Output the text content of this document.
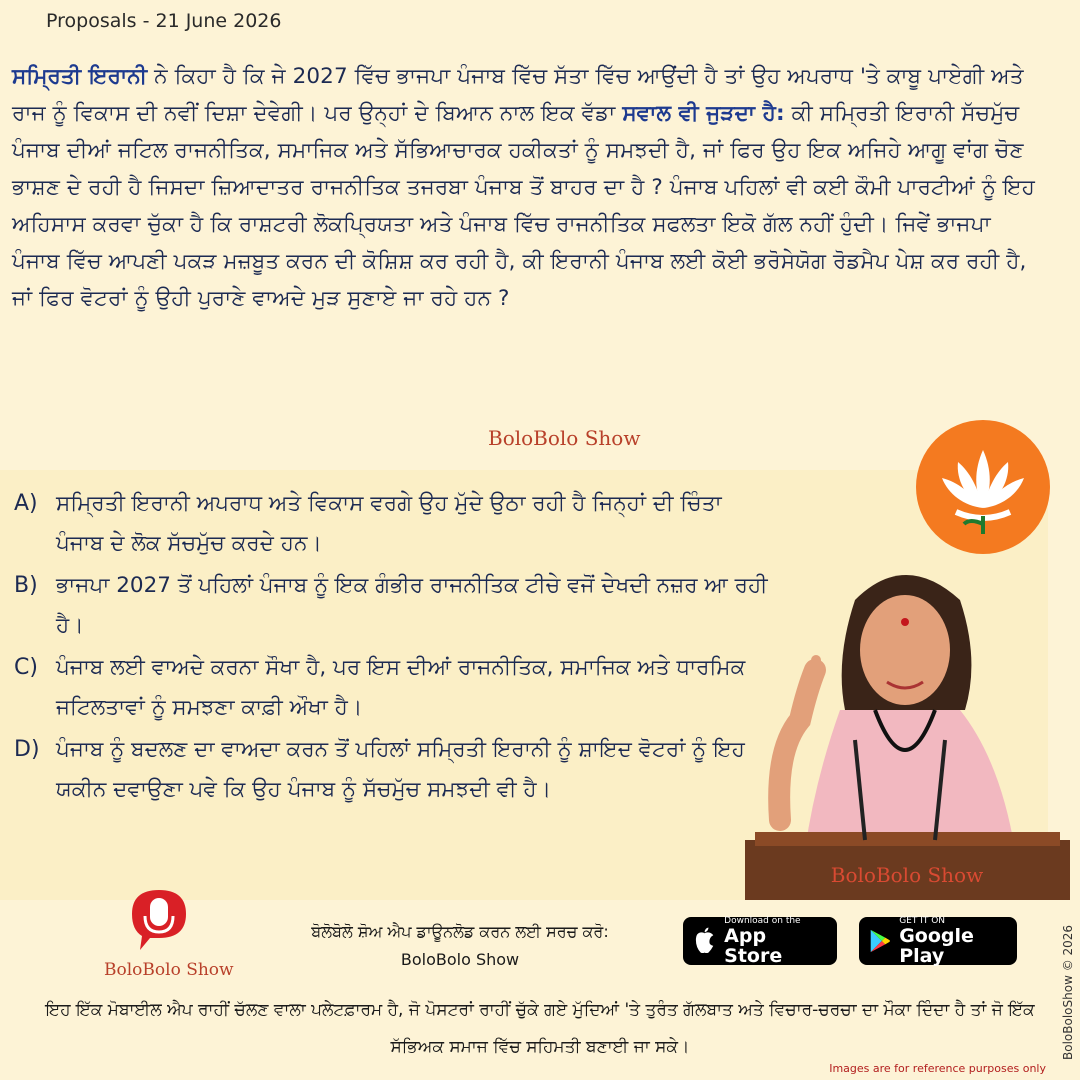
Proposals - 21 June 2026
ਸਮ੍ਰਿਤੀ ਇਰਾਨੀ ਨੇ ਕਿਹਾ ਹੈ ਕਿ ਜੇ 2027 ਵਿੱਚ ਭਾਜਪਾ ਪੰਜਾਬ ਵਿੱਚ ਸੱਤਾ ਵਿੱਚ ਆਉਂਦੀ ਹੈ ਤਾਂ ਉਹ ਅਪਰਾਧ 'ਤੇ ਕਾਬੂ ਪਾਏਗੀ ਅਤੇ ਰਾਜ ਨੂੰ ਵਿਕਾਸ ਦੀ ਨਵੀਂ ਦਿਸ਼ਾ ਦੇਵੇਗੀ। ਪਰ ਉਨ੍ਹਾਂ ਦੇ ਬਿਆਨ ਨਾਲ ਇਕ ਵੱਡਾ ਸਵਾਲ ਵੀ ਜੁੜਦਾ ਹੈ: ਕੀ ਸਮ੍ਰਿਤੀ ਇਰਾਨੀ ਸੱਚਮੁੱਚ ਪੰਜਾਬ ਦੀਆਂ ਜਟਿਲ ਰਾਜਨੀਤਿਕ, ਸਮਾਜਿਕ ਅਤੇ ਸੱਭਿਆਚਾਰਕ ਹਕੀਕਤਾਂ ਨੂੰ ਸਮਝਦੀ ਹੈ, ਜਾਂ ਫਿਰ ਉਹ ਇਕ ਅਜਿਹੇ ਆਗੂ ਵਾਂਗ ਚੋਣ ਭਾਸ਼ਣ ਦੇ ਰਹੀ ਹੈ ਜਿਸਦਾ ਜ਼ਿਆਦਾਤਰ ਰਾਜਨੀਤਿਕ ਤਜਰਬਾ ਪੰਜਾਬ ਤੋਂ ਬਾਹਰ ਦਾ ਹੈ ? ਪੰਜਾਬ ਪਹਿਲਾਂ ਵੀ ਕਈ ਕੌਮੀ ਪਾਰਟੀਆਂ ਨੂੰ ਇਹ ਅਹਿਸਾਸ ਕਰਵਾ ਚੁੱਕਾ ਹੈ ਕਿ ਰਾਸ਼ਟਰੀ ਲੋਕਪ੍ਰਿਯਤਾ ਅਤੇ ਪੰਜਾਬ ਵਿੱਚ ਰਾਜਨੀਤਿਕ ਸਫਲਤਾ ਇਕੋ ਗੱਲ ਨਹੀਂ ਹੁੰਦੀ। ਜਿਵੇਂ ਭਾਜਪਾ ਪੰਜਾਬ ਵਿੱਚ ਆਪਣੀ ਪਕੜ ਮਜ਼ਬੂਤ ਕਰਨ ਦੀ ਕੋਸ਼ਿਸ਼ ਕਰ ਰਹੀ ਹੈ, ਕੀ ਇਰਾਨੀ ਪੰਜਾਬ ਲਈ ਕੋਈ ਭਰੋਸੇਯੋਗ ਰੋਡਮੈਪ ਪੇਸ਼ ਕਰ ਰਹੀ ਹੈ, ਜਾਂ ਫਿਰ ਵੋਟਰਾਂ ਨੂੰ ਉਹੀ ਪੁਰਾਣੇ ਵਾਅਦੇ ਮੁੜ ਸੁਣਾਏ ਜਾ ਰਹੇ ਹਨ ?
BoloBolo Show
A) ਸਮ੍ਰਿਤੀ ਇਰਾਨੀ ਅਪਰਾਧ ਅਤੇ ਵਿਕਾਸ ਵਰਗੇ ਉਹ ਮੁੱਦੇ ਉਠਾ ਰਹੀ ਹੈ ਜਿਨ੍ਹਾਂ ਦੀ ਚਿੰਤਾ ਪੰਜਾਬ ਦੇ ਲੋਕ ਸੱਚਮੁੱਚ ਕਰਦੇ ਹਨ।
B) ਭਾਜਪਾ 2027 ਤੋਂ ਪਹਿਲਾਂ ਪੰਜਾਬ ਨੂੰ ਇਕ ਗੰਭੀਰ ਰਾਜਨੀਤਿਕ ਟੀਚੇ ਵਜੋਂ ਦੇਖਦੀ ਨਜ਼ਰ ਆ ਰਹੀ ਹੈ।
C) ਪੰਜਾਬ ਲਈ ਵਾਅਦੇ ਕਰਨਾ ਸੌਖਾ ਹੈ, ਪਰ ਇਸ ਦੀਆਂ ਰਾਜਨੀਤਿਕ, ਸਮਾਜਿਕ ਅਤੇ ਧਾਰਮਿਕ ਜਟਿਲਤਾਵਾਂ ਨੂੰ ਸਮਝਣਾ ਕਾਫ਼ੀ ਔਖਾ ਹੈ।
D) ਪੰਜਾਬ ਨੂੰ ਬਦਲਣ ਦਾ ਵਾਅਦਾ ਕਰਨ ਤੋਂ ਪਹਿਲਾਂ ਸਮ੍ਰਿਤੀ ਇਰਾਨੀ ਨੂੰ ਸ਼ਾਇਦ ਵੋਟਰਾਂ ਨੂੰ ਇਹ ਯਕੀਨ ਦਵਾਉਣਾ ਪਵੇ ਕਿ ਉਹ ਪੰਜਾਬ ਨੂੰ ਸੱਚਮੁੱਚ ਸਮਝਦੀ ਵੀ ਹੈ।
BoloBolo Show
BoloBolo Show
ਬੋਲੋਬੋਲੋ ਸ਼ੋਅ ਐਪ ਡਾਊਨਲੋਡ ਕਰਨ ਲਈ ਸਰਚ ਕਰੋ:
BoloBolo Show
Download on the
App Store
GET IT ON
Google Play
ਇਹ ਇੱਕ ਮੋਬਾਈਲ ਐਪ ਰਾਹੀਂ ਚੱਲਣ ਵਾਲਾ ਪਲੇਟਫ਼ਾਰਮ ਹੈ, ਜੋ ਪੋਸਟਰਾਂ ਰਾਹੀਂ ਚੁੱਕੇ ਗਏ ਮੁੱਦਿਆਂ 'ਤੇ ਤੁਰੰਤ ਗੱਲਬਾਤ ਅਤੇ ਵਿਚਾਰ-ਚਰਚਾ ਦਾ ਮੌਕਾ ਦਿੰਦਾ ਹੈ ਤਾਂ ਜੋ ਇੱਕ ਸੱਭਿਅਕ ਸਮਾਜ ਵਿੱਚ ਸਹਿਮਤੀ ਬਣਾਈ ਜਾ ਸਕੇ।	BoloBoloShow © 2026
Images are for reference purposes only
